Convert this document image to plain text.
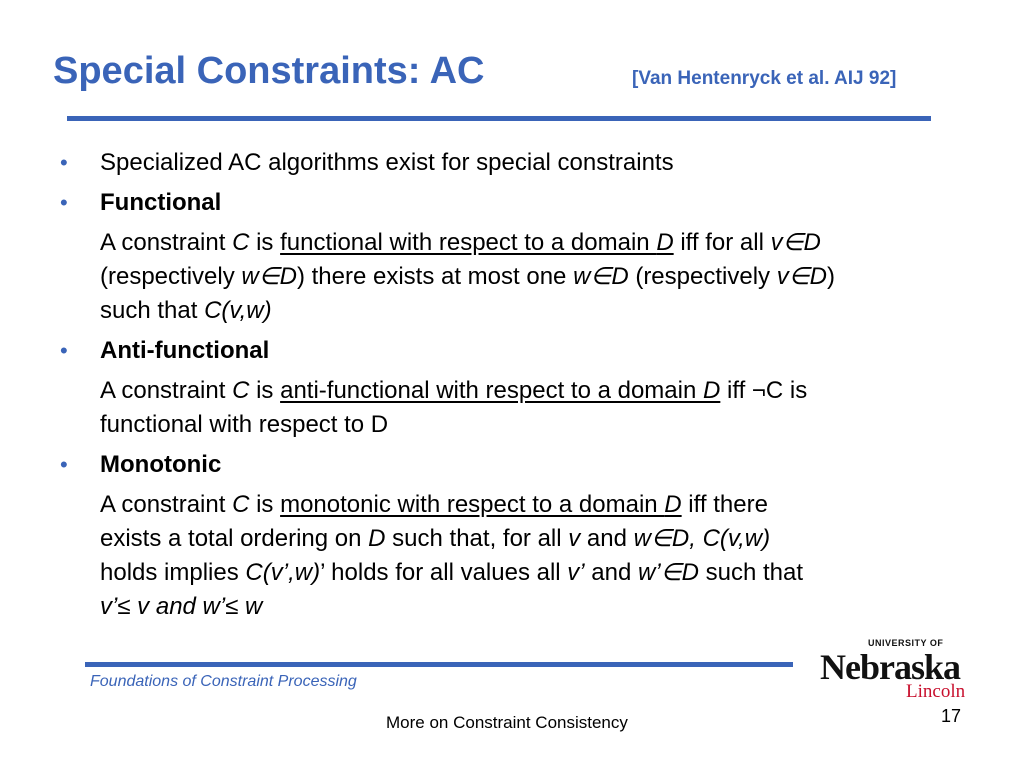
Special Constraints: AC	[Van Hentenryck et al. AIJ 92]
• Specialized AC algorithms exist for special constraints
• Functional
A constraint C is functional with respect to a domain D iff for all v∈D
(respectively w∈D) there exists at most one w∈D (respectively v∈D)
such that C(v,w)
• Anti-functional
A constraint C is anti-functional with respect to a domain D iff ¬C is
functional with respect to D
• Monotonic
A constraint C is monotonic with respect to a domain D iff there
exists a total ordering on D such that, for all v and w∈D, C(v,w)
holds implies C(v’,w)’ holds for all values all v’ and w’∈D such that
v’≤ v and w’≤ w
Foundations of Constraint Processing
More on Constraint Consistency	17
UNIVERSITY OF
Nebraska
Lincoln
